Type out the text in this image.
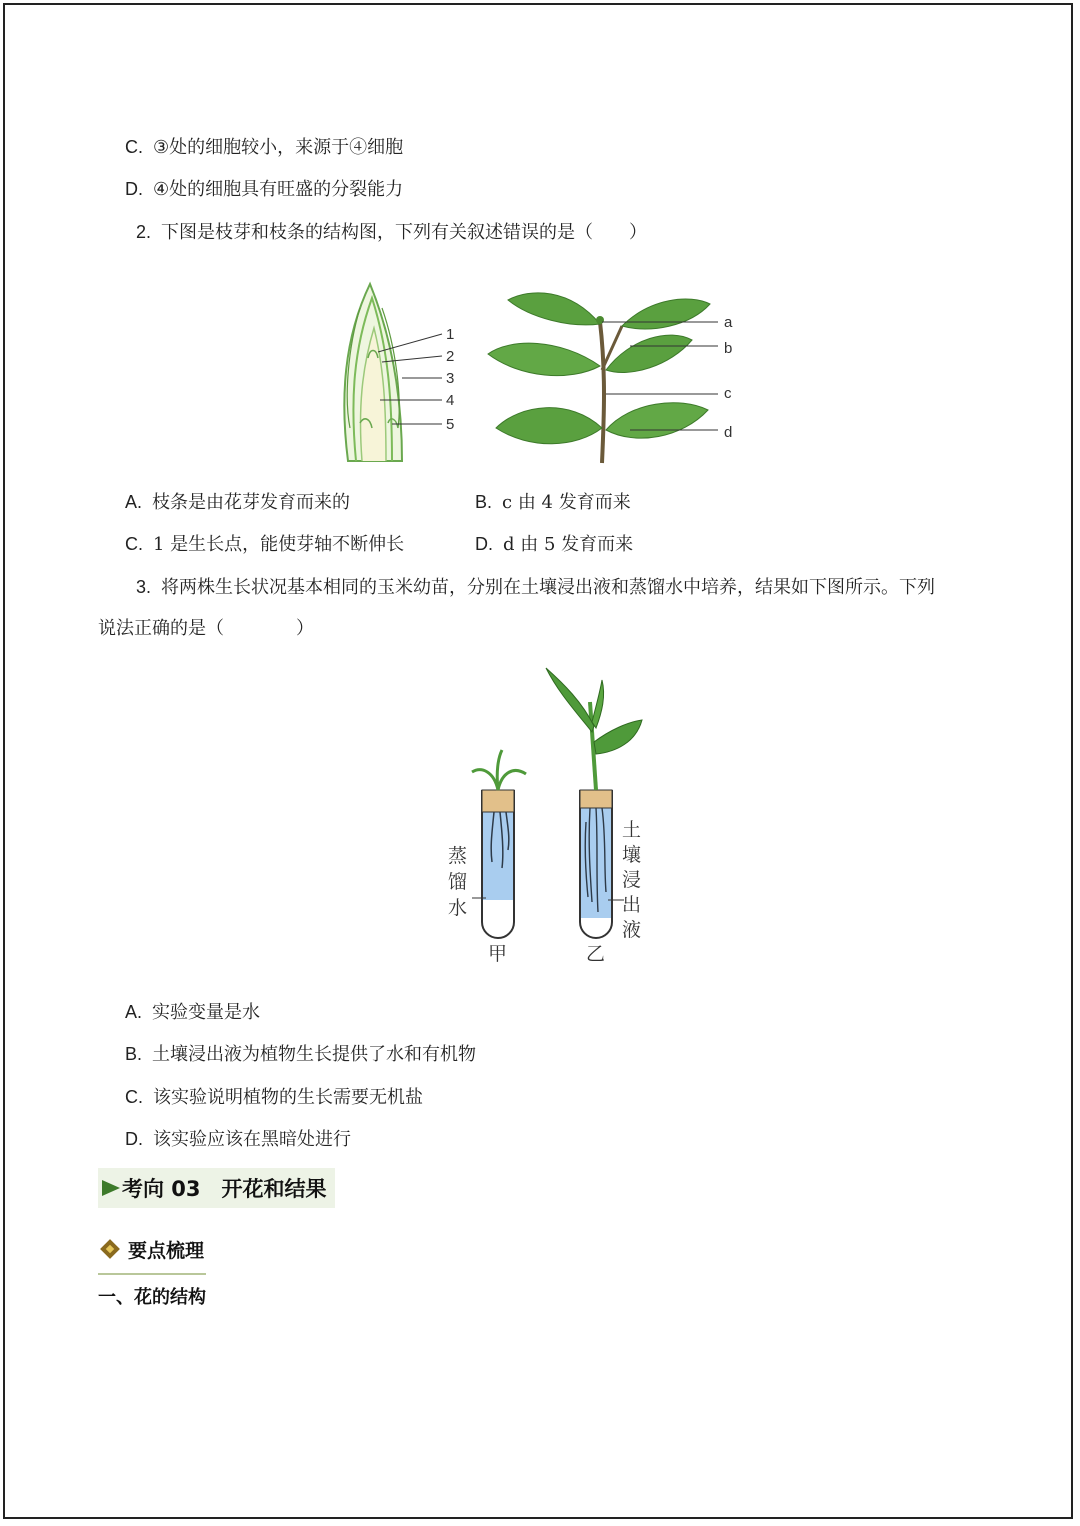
C. ③处的细胞较小，来源于④细胞
D. ④处的细胞具有旺盛的分裂能力
2. 下图是枝芽和枝条的结构图，下列有关叙述错误的是（　　）
1
2
3
4
5
a
b
c
d
A. 枝条是由花芽发育而来的	B. c 由 4 发育而来
C. 1 是生长点，能使芽轴不断伸长	D. d 由 5 发育而来
3. 将两株生长状况基本相同的玉米幼苗，分别在土壤浸出液和蒸馏水中培养，结果如下图所示。下列
说法正确的是（　　　　）
蒸
馏
水
土
壤
浸
出
液
甲	乙
A. 实验变量是水
B. 土壤浸出液为植物生长提供了水和有机物
C. 该实验说明植物的生长需要无机盐
D. 该实验应该在黑暗处进行
考向 03　开花和结果
要点梳理
一、花的结构
